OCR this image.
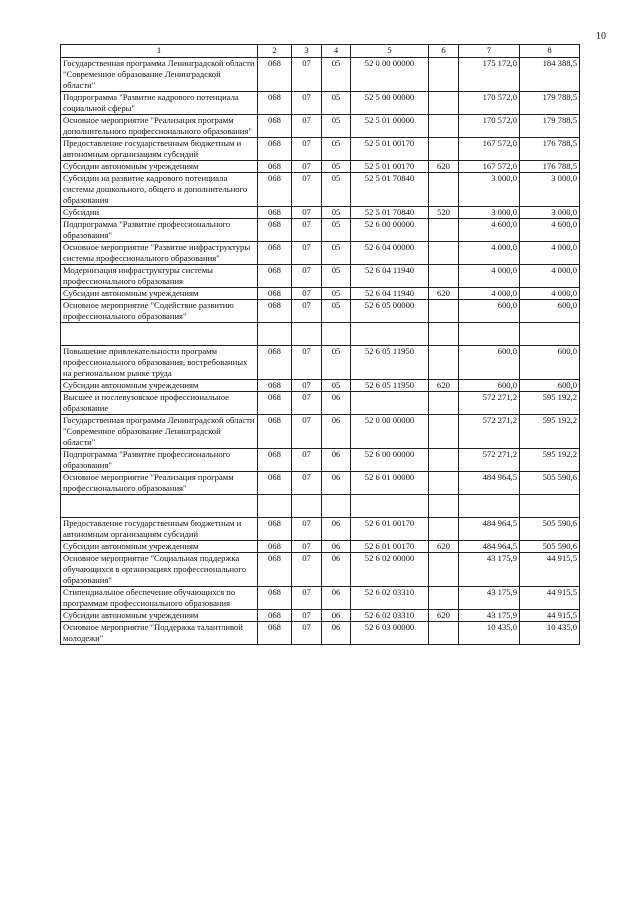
10
1	2	3	4	5	6	7	8
Государственная программа Ленинградской области "Современное образование Ленинградской области"	068	07	05	52 0 00 00000		175 172,0	184 388,5
Подпрограмма "Развитие кадрового потенциала социальной сферы"	068	07	05	52 5 00 00000		170 572,0	179 788,5
Основное мероприятие "Реализация программ дополнительного профессионального образования"	068	07	05	52 5 01 00000		170 572,0	179 788,5
Предоставление государственным бюджетным и автономным организациям субсидий	068	07	05	52 5 01 00170		167 572,0	176 788,5
Субсидии автономным учреждениям	068	07	05	52 5 01 00170	620	167 572,0	176 788,5
Субсидии на развитие кадрового потенциала системы дошкольного, общего и дополнительного образования	068	07	05	52 5 01 70840		3 000,0	3 000,0
Субсидии	068	07	05	52 5 01 70840	520	3 000,0	3 000,0
Подпрограмма "Развитие профессионального образования"	068	07	05	52 6 00 00000		4 600,0	4 600,0
Основное мероприятие "Развитие инфраструктуры системы профессионального образования"	068	07	05	52 6 04 00000		4 000,0	4 000,0
Модернизация инфраструктуры системы профессионального образования	068	07	05	52 6 04 11940		4 000,0	4 000,0
Субсидии автономным учреждениям	068	07	05	52 6 04 11940	620	4 000,0	4 000,0
Основное мероприятие "Содействие развитию профессионального образования"	068	07	05	52 6 05 00000		600,0	600,0

Повышение привлекательности программ профессионального образования, востребованных на региональном рынке труда	068	07	05	52 6 05 11950		600,0	600,0
Субсидии автономным учреждениям	068	07	05	52 6 05 11950	620	600,0	600,0
Высшее и послевузовское профессиональное образование	068	07	06			572 271,2	595 192,2
Государственная программа Ленинградской области "Современное образование Ленинградской области"	068	07	06	52 0 00 00000		572 271,2	595 192,2
Подпрограмма "Развитие профессионального образования"	068	07	06	52 6 00 00000		572 271,2	595 192,2
Основное мероприятие "Реализация программ профессионального образования"	068	07	06	52 6 01 00000		484 964,5	505 590,6

Предоставление государственным бюджетным и автономным организациям субсидий	068	07	06	52 6 01 00170		484 964,5	505 590,6
Субсидии автономным учреждениям	068	07	06	52 6 01 00170	620	484 964,5	505 590,6
Основное мероприятие "Социальная поддержка обучающихся в организациях профессионального образования"	068	07	06	52 6 02 00000		43 175,9	44 915,5
Стипендиальное обеспечение обучающихся по программам профессионального образования	068	07	06	52 6 02 03310		43 175,9	44 915,5
Субсидии автономным учреждениям	068	07	06	52 6 02 03310	620	43 175,9	44 915,5
Основное мероприятие "Поддержка талантливой молодежи"	068	07	06	52 6 03 00000		10 435,0	10 435,0
